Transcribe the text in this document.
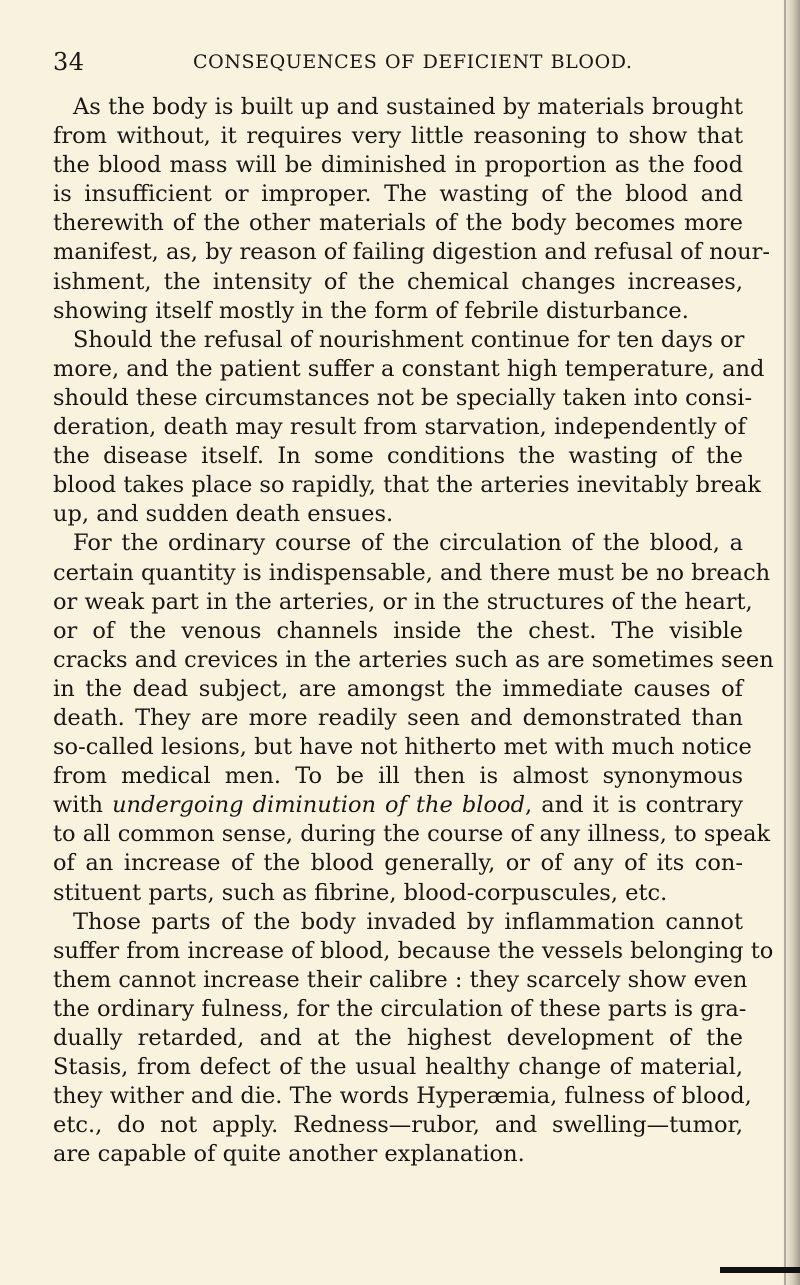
34	CONSEQUENCES OF DEFICIENT BLOOD.
As the body is built up and sustained by materials brought
from without, it requires very little reasoning to show that
the blood mass will be diminished in proportion as the food
is insufficient or improper. The wasting of the blood and
therewith of the other materials of the body becomes more
manifest, as, by reason of failing digestion and refusal of nour-
ishment, the intensity of the chemical changes increases,
showing itself mostly in the form of febrile disturbance.
Should the refusal of nourishment continue for ten days or
more, and the patient suffer a constant high temperature, and
should these circumstances not be specially taken into consi-
deration, death may result from starvation, independently of
the disease itself. In some conditions the wasting of the
blood takes place so rapidly, that the arteries inevitably break
up, and sudden death ensues.
For the ordinary course of the circulation of the blood, a
certain quantity is indispensable, and there must be no breach
or weak part in the arteries, or in the structures of the heart,
or of the venous channels inside the chest. The visible
cracks and crevices in the arteries such as are sometimes seen
in the dead subject, are amongst the immediate causes of
death. They are more readily seen and demonstrated than
so-called lesions, but have not hitherto met with much notice
from medical men. To be ill then is almost synonymous
with undergoing diminution of the blood, and it is contrary
to all common sense, during the course of any illness, to speak
of an increase of the blood generally, or of any of its con-
stituent parts, such as fibrine, blood-corpuscules, etc.
Those parts of the body invaded by inflammation cannot
suffer from increase of blood, because the vessels belonging to
them cannot increase their calibre : they scarcely show even
the ordinary fulness, for the circulation of these parts is gra-
dually retarded, and at the highest development of the
Stasis, from defect of the usual healthy change of material,
they wither and die. The words Hyperæmia, fulness of blood,
etc., do not apply. Redness—rubor, and swelling—tumor,
are capable of quite another explanation.
